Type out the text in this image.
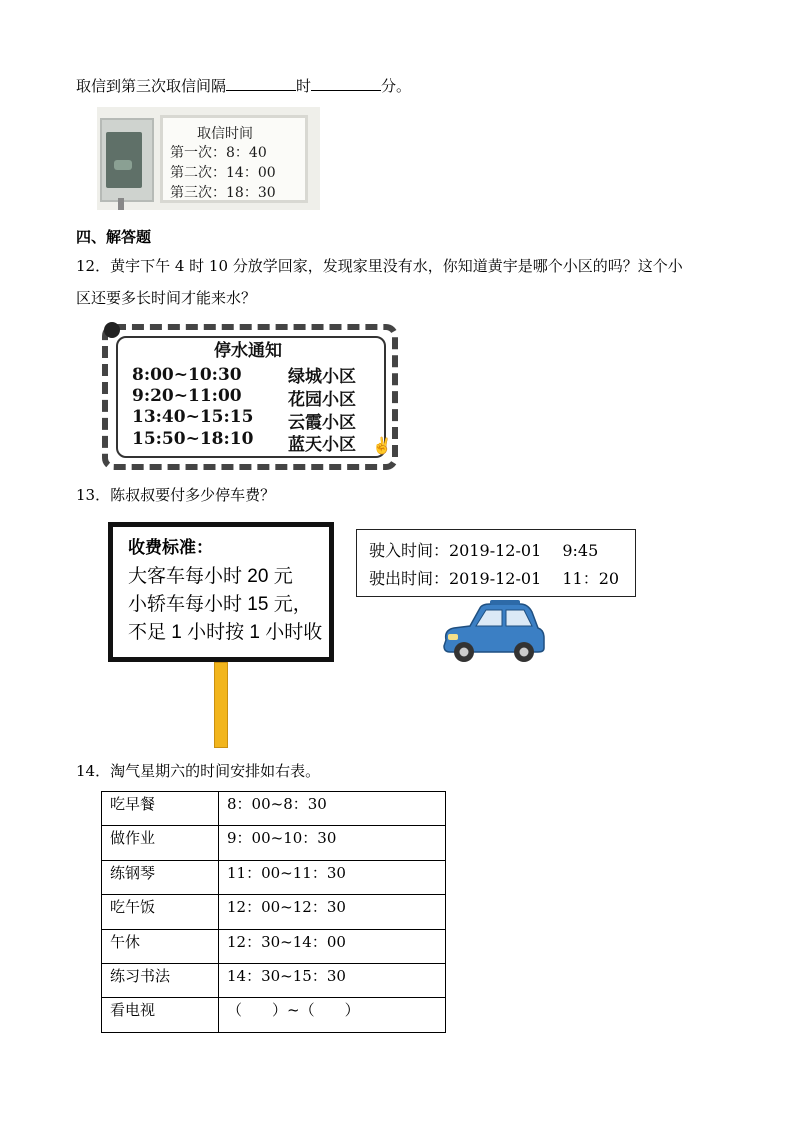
取信到第三次取信间隔	时	分。
取信时间
第一次：8：40
第二次：14：00
第三次：18：30
四、解答题
12．黄宇下午 4 时 10 分放学回家，发现家里没有水，你知道黄宇是哪个小区的吗？这个小
区还要多长时间才能来水？
✌
停水通知
8:00~10:30	绿城小区
9:20~11:00	花园小区
13:40~15:15 云霞小区
15:50~18:10 蓝天小区
13．陈叔叔要付多少停车费？
收费标准：
大客车每小时 20 元
小轿车每小时 15 元，
不足 1 小时按 1 小时收
驶入时间：2019-12-01　 9:45
驶出时间：2019-12-01　 11：20
14．淘气星期六的时间安排如右表。
吃早餐	8：00~8：30
做作业	9：00~10：30
练钢琴	11：00~11：30
吃午饭	12：00~12：30
午休	12：30~14：00
练习书法	14：30~15：30
看电视	（　　）~（　　）
